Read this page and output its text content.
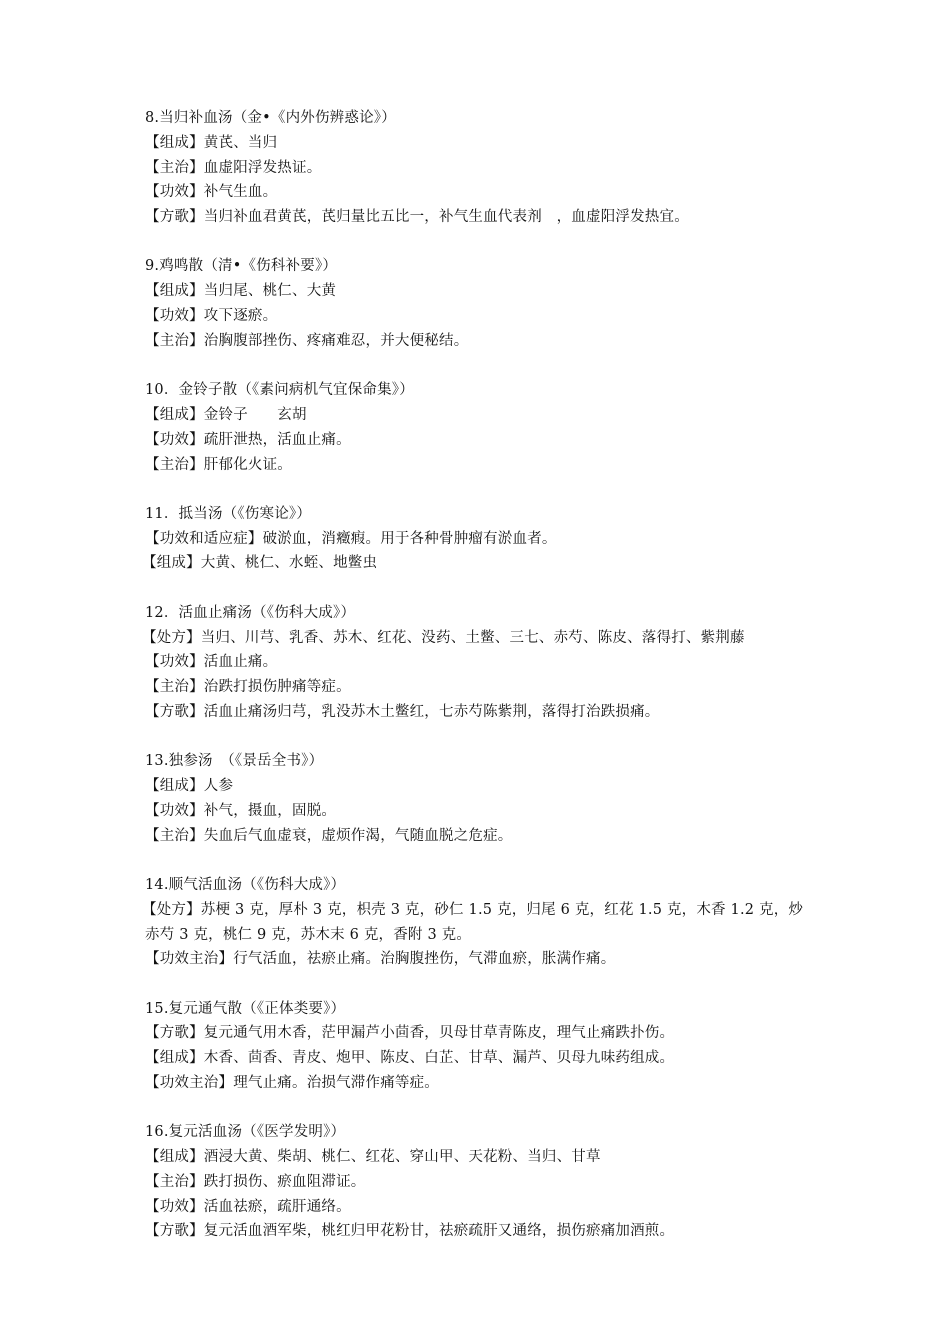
8.当归补血汤（金•《内外伤辨惑论》）
【组成】黄芪、当归
【主治】血虚阳浮发热证。
【功效】补气生血。
【方歌】当归补血君黄芪，芪归量比五比一，补气生血代表剂　，血虚阳浮发热宜。
9.鸡鸣散（清•《伤科补要》）
【组成】当归尾、桃仁、大黄
【功效】攻下逐瘀。
【主治】治胸腹部挫伤、疼痛难忍，并大便秘结。
10．金铃子散（《素问病机气宜保命集》）
【组成】金铃子　　玄胡
【功效】疏肝泄热，活血止痛。
【主治】肝郁化火证。
11．抵当汤（《伤寒论》）
【功效和适应症】破淤血，消癥瘕。用于各种骨肿瘤有淤血者。
【组成】大黄、桃仁、水蛭、地鳖虫
12．活血止痛汤（《伤科大成》）
【处方】当归、川芎、乳香、苏木、红花、没药、土鳖、三七、赤芍、陈皮、落得打、紫荆藤
【功效】活血止痛。
【主治】治跌打损伤肿痛等症。
【方歌】活血止痛汤归芎，乳没苏木土鳖红，七赤芍陈紫荆，落得打治跌损痛。
13.独参汤　（《景岳全书》）
【组成】人参
【功效】补气，摄血，固脱。
【主治】失血后气血虚衰，虚烦作渴，气随血脱之危症。
14.顺气活血汤（《伤科大成》）
【处方】苏梗 3 克，厚朴 3 克，枳壳 3 克，砂仁 1.5 克，归尾 6 克，红花 1.5 克，木香 1.2 克，炒
赤芍 3 克，桃仁 9 克，苏木末 6 克，香附 3 克。
【功效主治】行气活血，祛瘀止痛。治胸腹挫伤，气滞血瘀，胀满作痛。
15.复元通气散（《正体类要》）
【方歌】复元通气用木香，茫甲漏芦小茴香，贝母甘草青陈皮，理气止痛跌扑伤。
【组成】木香、茴香、青皮、炮甲、陈皮、白芷、甘草、漏芦、贝母九味药组成。
【功效主治】理气止痛。治损气滞作痛等症。
16.复元活血汤（《医学发明》）
【组成】酒浸大黄、柴胡、桃仁、红花、穿山甲、天花粉、当归、甘草
【主治】跌打损伤、瘀血阻滞证。
【功效】活血祛瘀，疏肝通络。
【方歌】复元活血酒军柴，桃红归甲花粉甘，祛瘀疏肝又通络，损伤瘀痛加酒煎。
